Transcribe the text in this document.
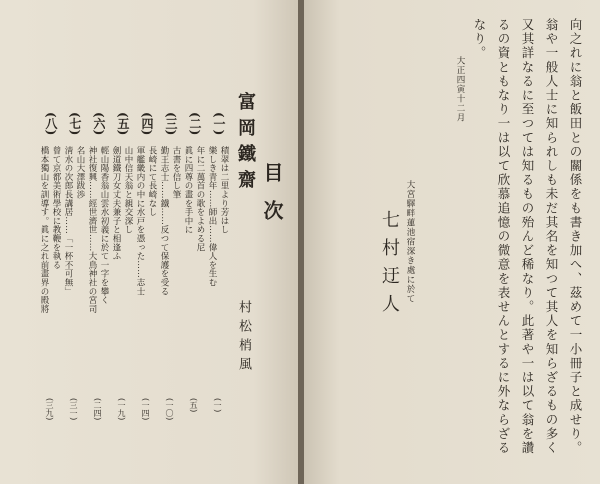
目次
富岡鐵齋
村松梢風
(一)
積翠は二里より芳はし
樂しき青年……師出……偉人を生む
(一)
(二)
年に二萬首の歌をよめる尼
眞に四尊の畫を手中に
(五)
(三)
古書を信し筆
勤王志士……鐵……反つて保護を受る
(一〇)
(四)
長崎にて長崎なし
軍艦畿内の中に水戸を憑った……志士
(一四)
(五)
山中信天翁と親交深し
劍道鐵刀女丈夫兼子と相逢ふ
(一九)
(六)
輕山陽香翁山雲水初義に於て一字を攀く
神社復興……經世濟世……大鳥神社の宮司
(二四)
(七)
名山大澤跋渉
淸水の次郎長講居……「一杯不可無」
(三一)
(八)
曾て京都美術學校に教鞭を執る
橋本獨山を訓導す。眞に之れ前畫界の殿將
(三九)	向之れに翁と飯田との關係をも書き加へ、茲めて一小冊子と成せり。
翁や一般人士に知られしも未だ其名を知つて其人を知らざるもの多く
又其詳なるに至つては知るもの殆んど稀なり。此著や一は以て翁を讚
るの資ともなり一は以て欣慕追憶の微意を表せんとするに外ならざる
なり。
大正四寅十二月
大宮驛畔蓮池宿深き處に於て
七村迂人
